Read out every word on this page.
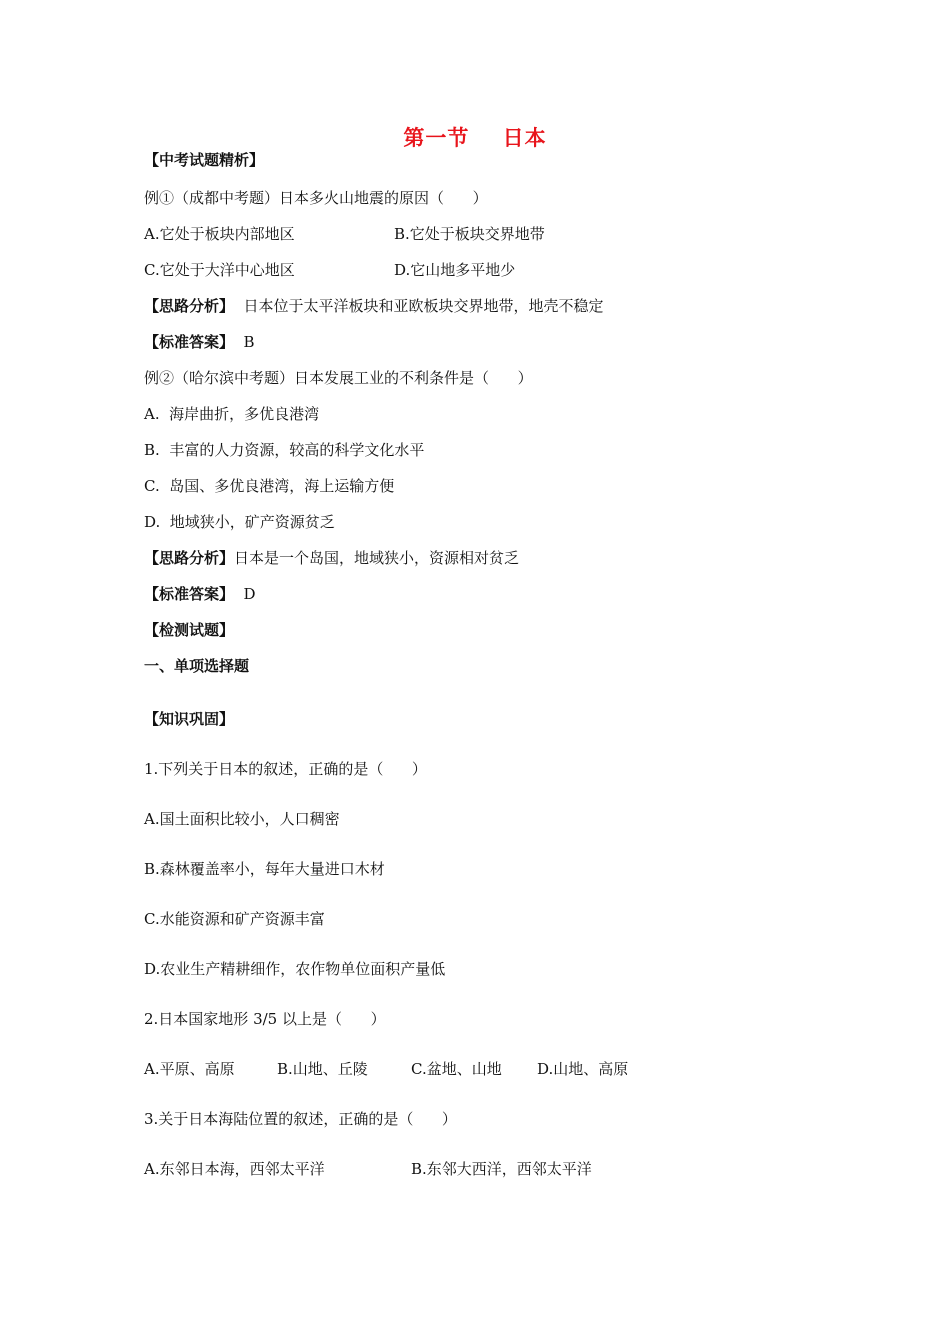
第一节    日本
【中考试题精析】
例①（成都中考题）日本多火山地震的原因（      ）
A.它处于板块内部地区	B.它处于板块交界地带
C.它处于大洋中心地区	D.它山地多平地少
【思路分析】  日本位于太平洋板块和亚欧板块交界地带，地壳不稳定
【标准答案】  B
例②（哈尔滨中考题）日本发展工业的不利条件是（      ）
A.  海岸曲折，多优良港湾
B.  丰富的人力资源，较高的科学文化水平
C.  岛国、多优良港湾，海上运输方便
D.  地域狭小，矿产资源贫乏
【思路分析】日本是一个岛国，地域狭小，资源相对贫乏
【标准答案】  D
【检测试题】
一、单项选择题
【知识巩固】
1.下列关于日本的叙述，正确的是（      ）
A.国土面积比较小，人口稠密
B.森林覆盖率小，每年大量进口木材
C.水能资源和矿产资源丰富
D.农业生产精耕细作，农作物单位面积产量低
2.日本国家地形 3/5 以上是（      ）
A.平原、高原	B.山地、丘陵	C.盆地、山地 D.山地、高原
3.关于日本海陆位置的叙述，正确的是（      ）
A.东邻日本海，西邻太平洋	B.东邻大西洋，西邻太平洋
